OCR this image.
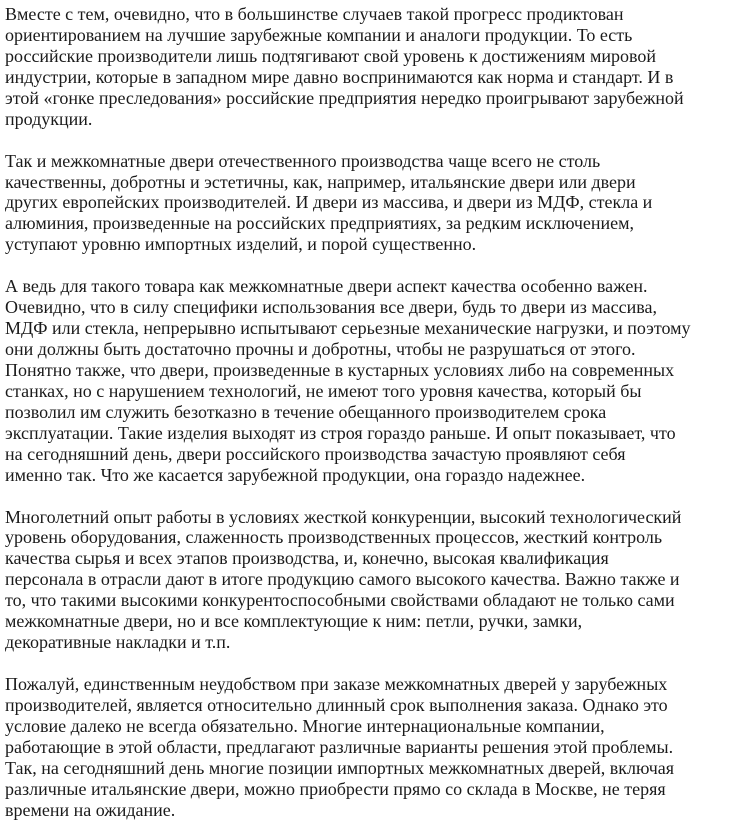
Вместе с тем, очевидно, что в большинстве случаев такой прогресс продиктован
ориентированием на лучшие зарубежные компании и аналоги продукции. То есть
российские производители лишь подтягивают свой уровень к достижениям мировой
индустрии, которые в западном мире давно воспринимаются как норма и стандарт. И в
этой «гонке преследования» российские предприятия нередко проигрывают зарубежной
продукции.
Так и межкомнатные двери отечественного производства чаще всего не столь
качественны, добротны и эстетичны, как, например, итальянские двери или двери
других европейских производителей. И двери из массива, и двери из МДФ, стекла и
алюминия, произведенные на российских предприятиях, за редким исключением,
уступают уровню импортных изделий, и порой существенно.
А ведь для такого товара как межкомнатные двери аспект качества особенно важен.
Очевидно, что в силу специфики использования все двери, будь то двери из массива,
МДФ или стекла, непрерывно испытывают серьезные механические нагрузки, и поэтому
они должны быть достаточно прочны и добротны, чтобы не разрушаться от этого.
Понятно также, что двери, произведенные в кустарных условиях либо на современных
станках, но с нарушением технологий, не имеют того уровня качества, который бы
позволил им служить безотказно в течение обещанного производителем срока
эксплуатации. Такие изделия выходят из строя гораздо раньше. И опыт показывает, что
на сегодняшний день, двери российского производства зачастую проявляют себя
именно так. Что же касается зарубежной продукции, она гораздо надежнее.
Многолетний опыт работы в условиях жесткой конкуренции, высокий технологический
уровень оборудования, слаженность производственных процессов, жесткий контроль
качества сырья и всех этапов производства, и, конечно, высокая квалификация
персонала в отрасли дают в итоге продукцию самого высокого качества. Важно также и
то, что такими высокими конкурентоспособными свойствами обладают не только сами
межкомнатные двери, но и все комплектующие к ним: петли, ручки, замки,
декоративные накладки и т.п.
Пожалуй, единственным неудобством при заказе межкомнатных дверей у зарубежных
производителей, является относительно длинный срок выполнения заказа. Однако это
условие далеко не всегда обязательно. Многие интернациональные компании,
работающие в этой области, предлагают различные варианты решения этой проблемы.
Так, на сегодняшний день многие позиции импортных межкомнатных дверей, включая
различные итальянские двери, можно приобрести прямо со склада в Москве, не теряя
времени на ожидание.
